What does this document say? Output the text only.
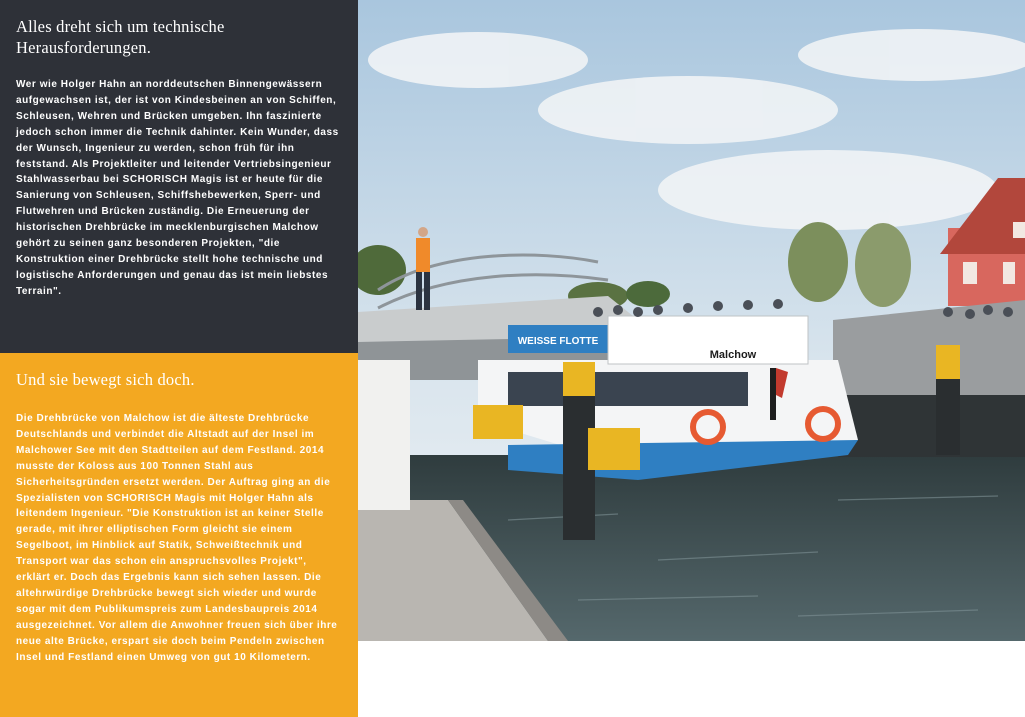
Alles dreht sich um technische Herausforderungen.

Wer wie Holger Hahn an norddeutschen Binnengewässern aufgewachsen ist, der ist von Kindesbeinen an von Schiffen, Schleusen, Wehren und Brücken umgeben. Ihn faszinierte jedoch schon immer die Technik dahinter. Kein Wunder, dass der Wunsch, Ingenieur zu werden, schon früh für ihn feststand. Als Projektleiter und leitender Vertriebsingenieur Stahlwasserbau bei SCHORISCH Magis ist er heute für die Sanierung von Schleusen, Schiffshebewerken, Sperr- und Flutwehren und Brücken zuständig. Die Erneuerung der historischen Drehbrücke im mecklenburgischen Malchow gehört zu seinen ganz besonderen Projekten, "die Konstruktion einer Drehbrücke stellt hohe technische und logistische Anforderungen und genau das ist mein liebstes Terrain".

Und sie bewegt sich doch.

Die Drehbrücke von Malchow ist die älteste Drehbrücke Deutschlands und verbindet die Altstadt auf der Insel im Malchower See mit den Stadtteilen auf dem Festland. 2014 musste der Koloss aus 100 Tonnen Stahl aus Sicherheitsgründen ersetzt werden. Der Auftrag ging an die Spezialisten von SCHORISCH Magis mit Holger Hahn als leitendem Ingenieur. "Die Konstruktion ist an keiner Stelle gerade, mit ihrer elliptischen Form gleicht sie einem Segelboot, im Hinblick auf Statik, Schweißtechnik und Transport war das schon ein anspruchsvolles Projekt", erklärt er. Doch das Ergebnis kann sich sehen lassen. Die altehrwürdige Drehbrücke bewegt sich wieder und wurde sogar mit dem Publikumspreis zum Landesbaupreis 2014 ausgezeichnet. Vor allem die Anwohner freuen sich über ihre neue alte Brücke, erspart sie doch beim Pendeln zwischen Insel und Festland einen Umweg von gut 10 Kilometern.

WEISSE FLOTTE
Malchow
